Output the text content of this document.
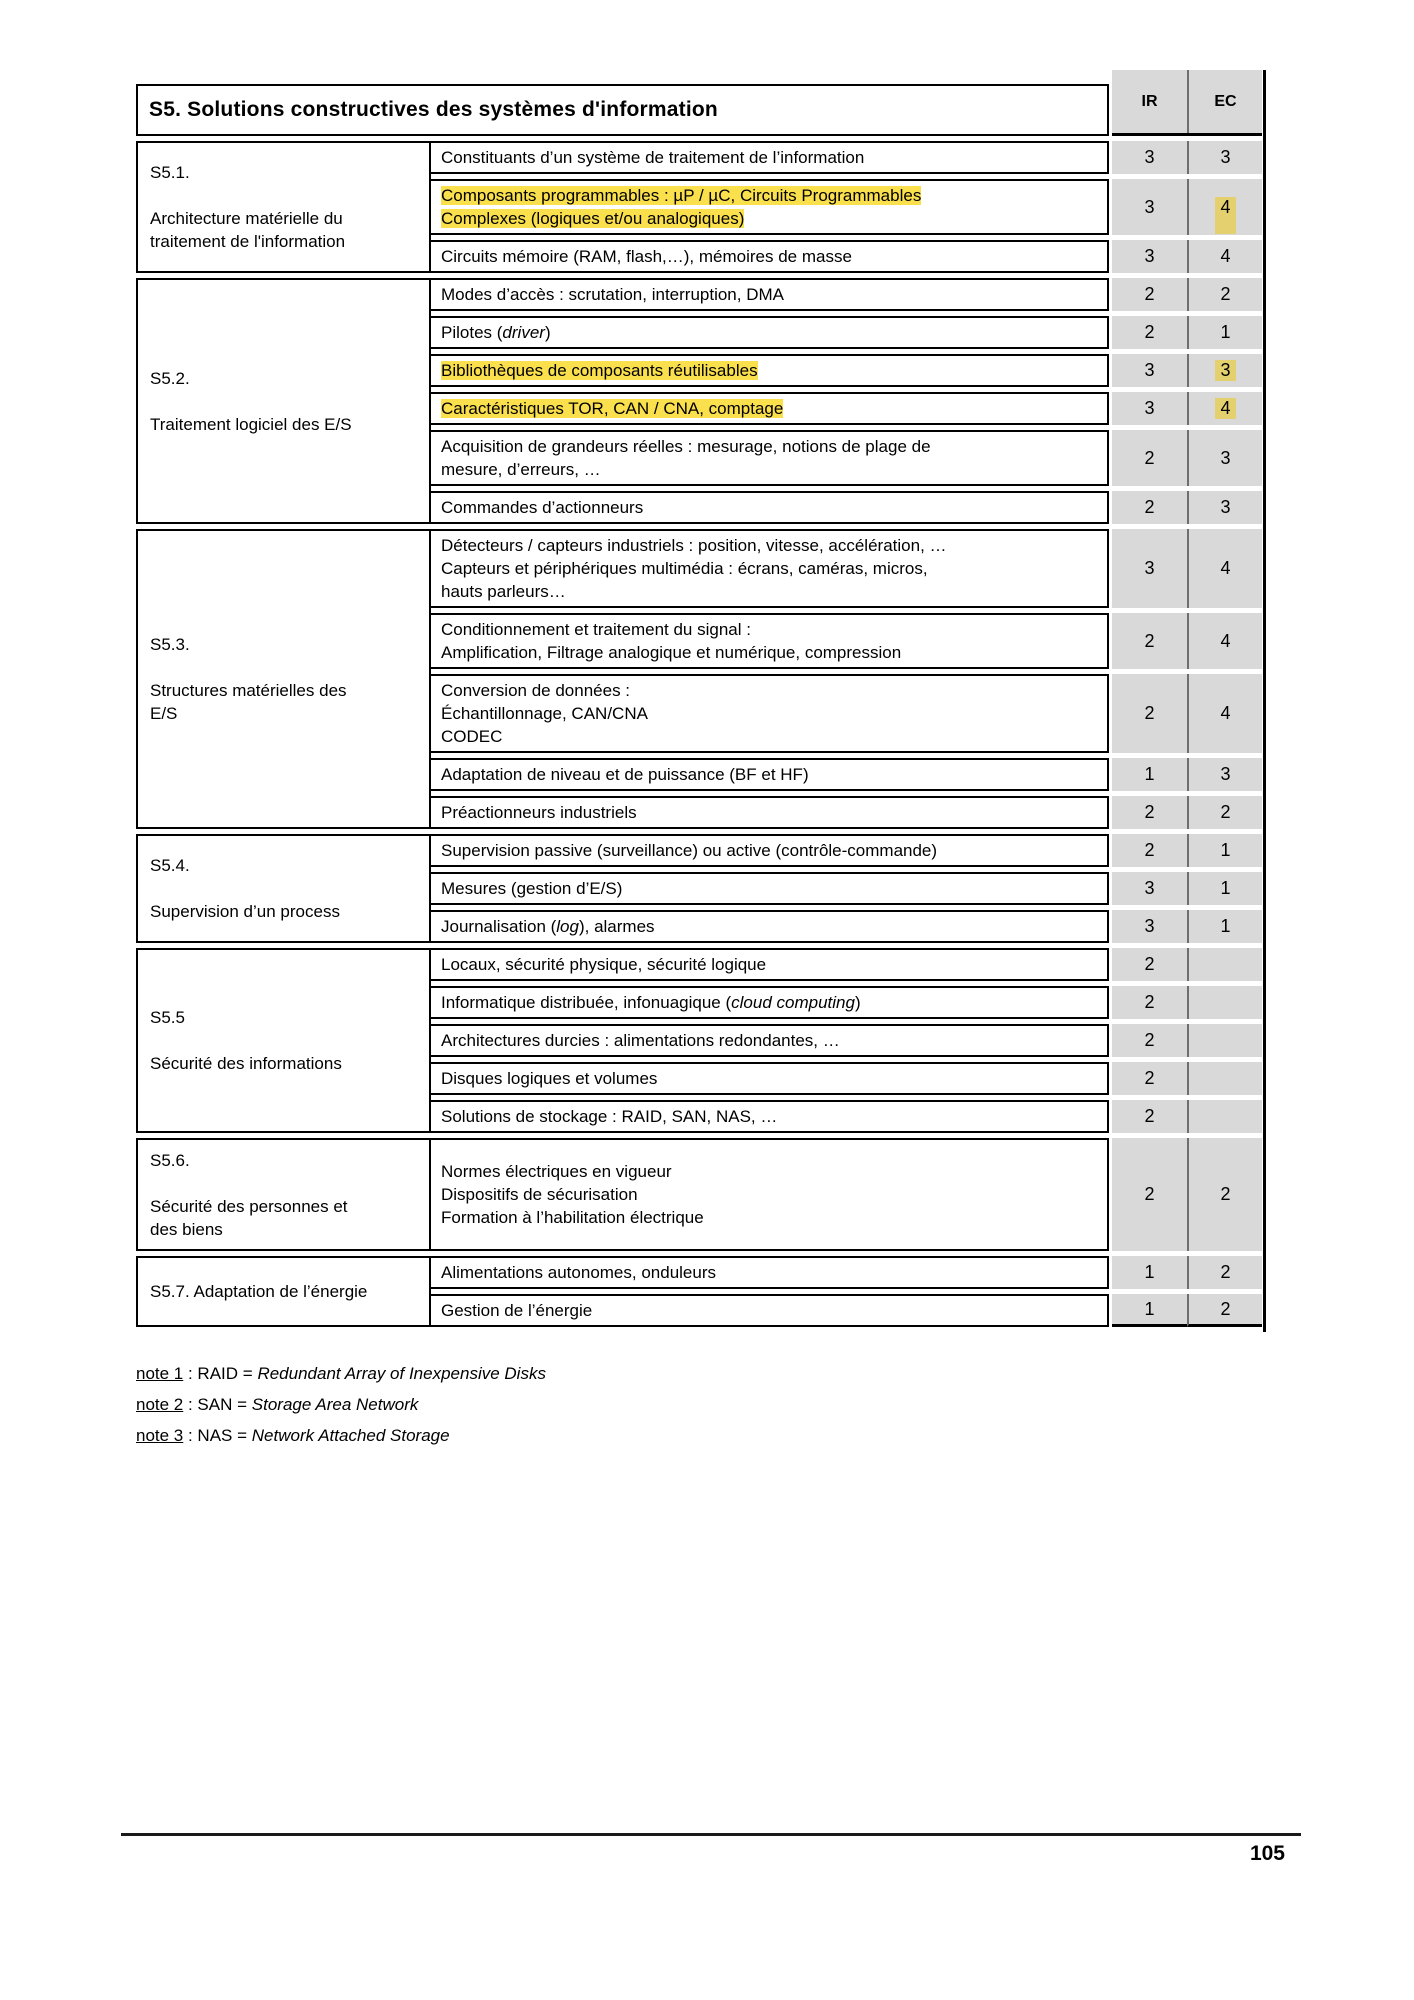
S5. Solutions constructives des systèmes d'information	IR	EC
S5.1.
Architecture matérielle du
traitement de l'information
Constituants d’un système de traitement de l’information	3	3
Composants programmables : µP / µC, Circuits Programmables
Complexes (logiques et/ou analogiques)
3	4
Circuits mémoire (RAM, flash,…), mémoires de masse	3	4
S5.2.
Traitement logiciel des E/S
Modes d’accès : scrutation, interruption, DMA	2	2
Pilotes (driver)	2	1
Bibliothèques de composants réutilisables	3	3
Caractéristiques TOR, CAN / CNA, comptage	3	4
Acquisition de grandeurs réelles : mesurage, notions de plage de
mesure, d’erreurs, …
2	3
Commandes d’actionneurs	2	3
S5.3.
Structures matérielles des
E/S
Détecteurs / capteurs industriels : position, vitesse, accélération, …
Capteurs et périphériques multimédia : écrans, caméras, micros,
hauts parleurs…
3	4
Conditionnement et traitement du signal :
Amplification, Filtrage analogique et numérique, compression
2	4
Conversion de données :
Échantillonnage, CAN/CNA
CODEC
2	4
Adaptation de niveau et de puissance (BF et HF)	1	3
Préactionneurs industriels	2	2
S5.4.
Supervision d’un process
Supervision passive (surveillance) ou active (contrôle-commande)	2	1
Mesures (gestion d’E/S)	3	1
Journalisation (log), alarmes	3	1
S5.5
Sécurité des informations
Locaux, sécurité physique, sécurité logique	2
Informatique distribuée, infonuagique (cloud computing)	2
Architectures durcies : alimentations redondantes, …	2
Disques logiques et volumes	2
Solutions de stockage : RAID, SAN, NAS, …	2
S5.6.
Sécurité des personnes et
des biens
Normes électriques en vigueur
Dispositifs de sécurisation
Formation à l’habilitation électrique
2	2
S5.7. Adaptation de l’énergie
Alimentations autonomes, onduleurs	1	2
Gestion de l’énergie	1	2
note 1 : RAID = Redundant Array of Inexpensive Disks
note 2 : SAN = Storage Area Network
note 3 : NAS = Network Attached Storage
105
